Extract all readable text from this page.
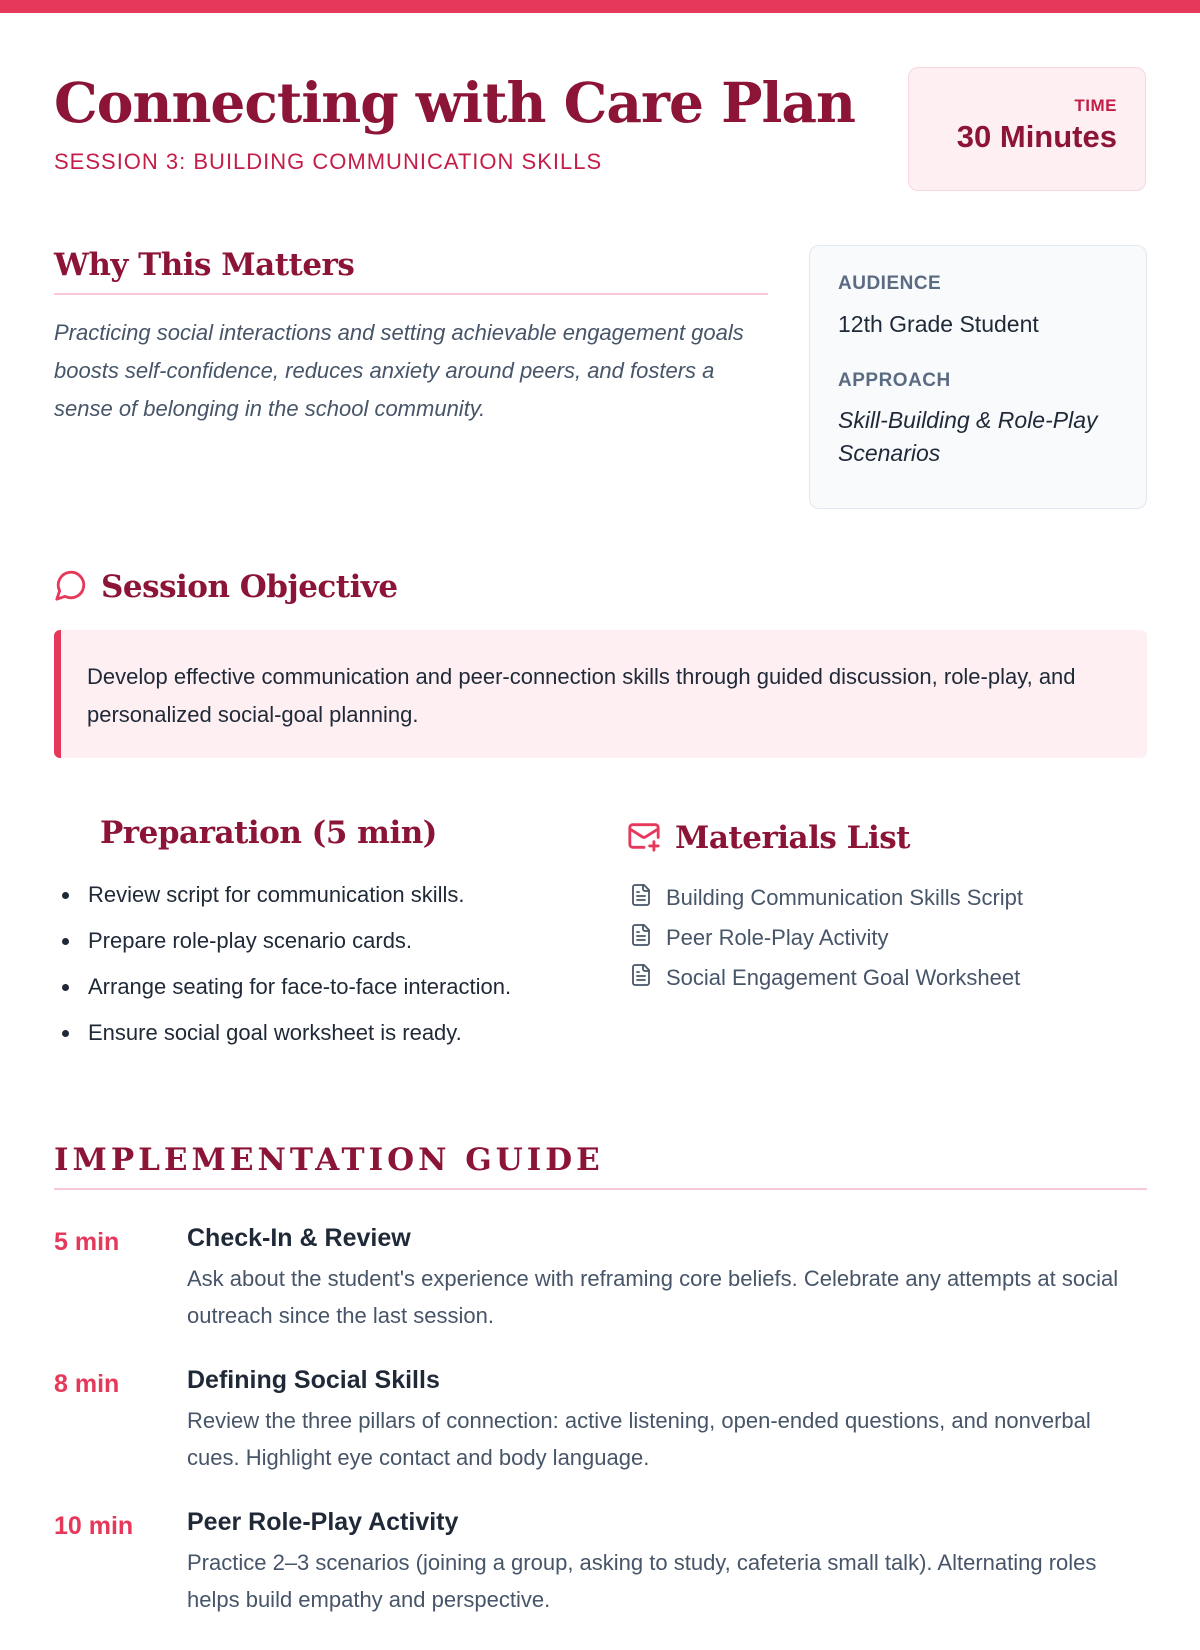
Connecting with Care Plan
SESSION 3: BUILDING COMMUNICATION SKILLS
TIME
30 Minutes
Why This Matters

Practicing social interactions and setting achievable engagement goals boosts self-confidence, reduces anxiety around peers, and fosters a sense of belonging in the school community.

AUDIENCE
12th Grade Student
APPROACH
Skill-Building & Role-Play Scenarios
Session Objective

Develop effective communication and peer-connection skills through guided discussion, role-play, and personalized social-goal planning.

Preparation (5 min)
Review script for communication skills.
Prepare role-play scenario cards.
Arrange seating for face-to-face interaction.
Ensure social goal worksheet is ready.
Materials List
Building Communication Skills Script
Peer Role-Play Activity
Social Engagement Goal Worksheet
IMPLEMENTATION GUIDE
5 min	Check-In & Review

Ask about the student's experience with reframing core beliefs. Celebrate any attempts at social outreach since the last session.

8 min	Defining Social Skills

Review the three pillars of connection: active listening, open-ended questions, and nonverbal cues. Highlight eye contact and body language.

10 min Peer Role-Play Activity

Practice 2–3 scenarios (joining a group, asking to study, cafeteria small talk). Alternating roles helps build empathy and perspective.
